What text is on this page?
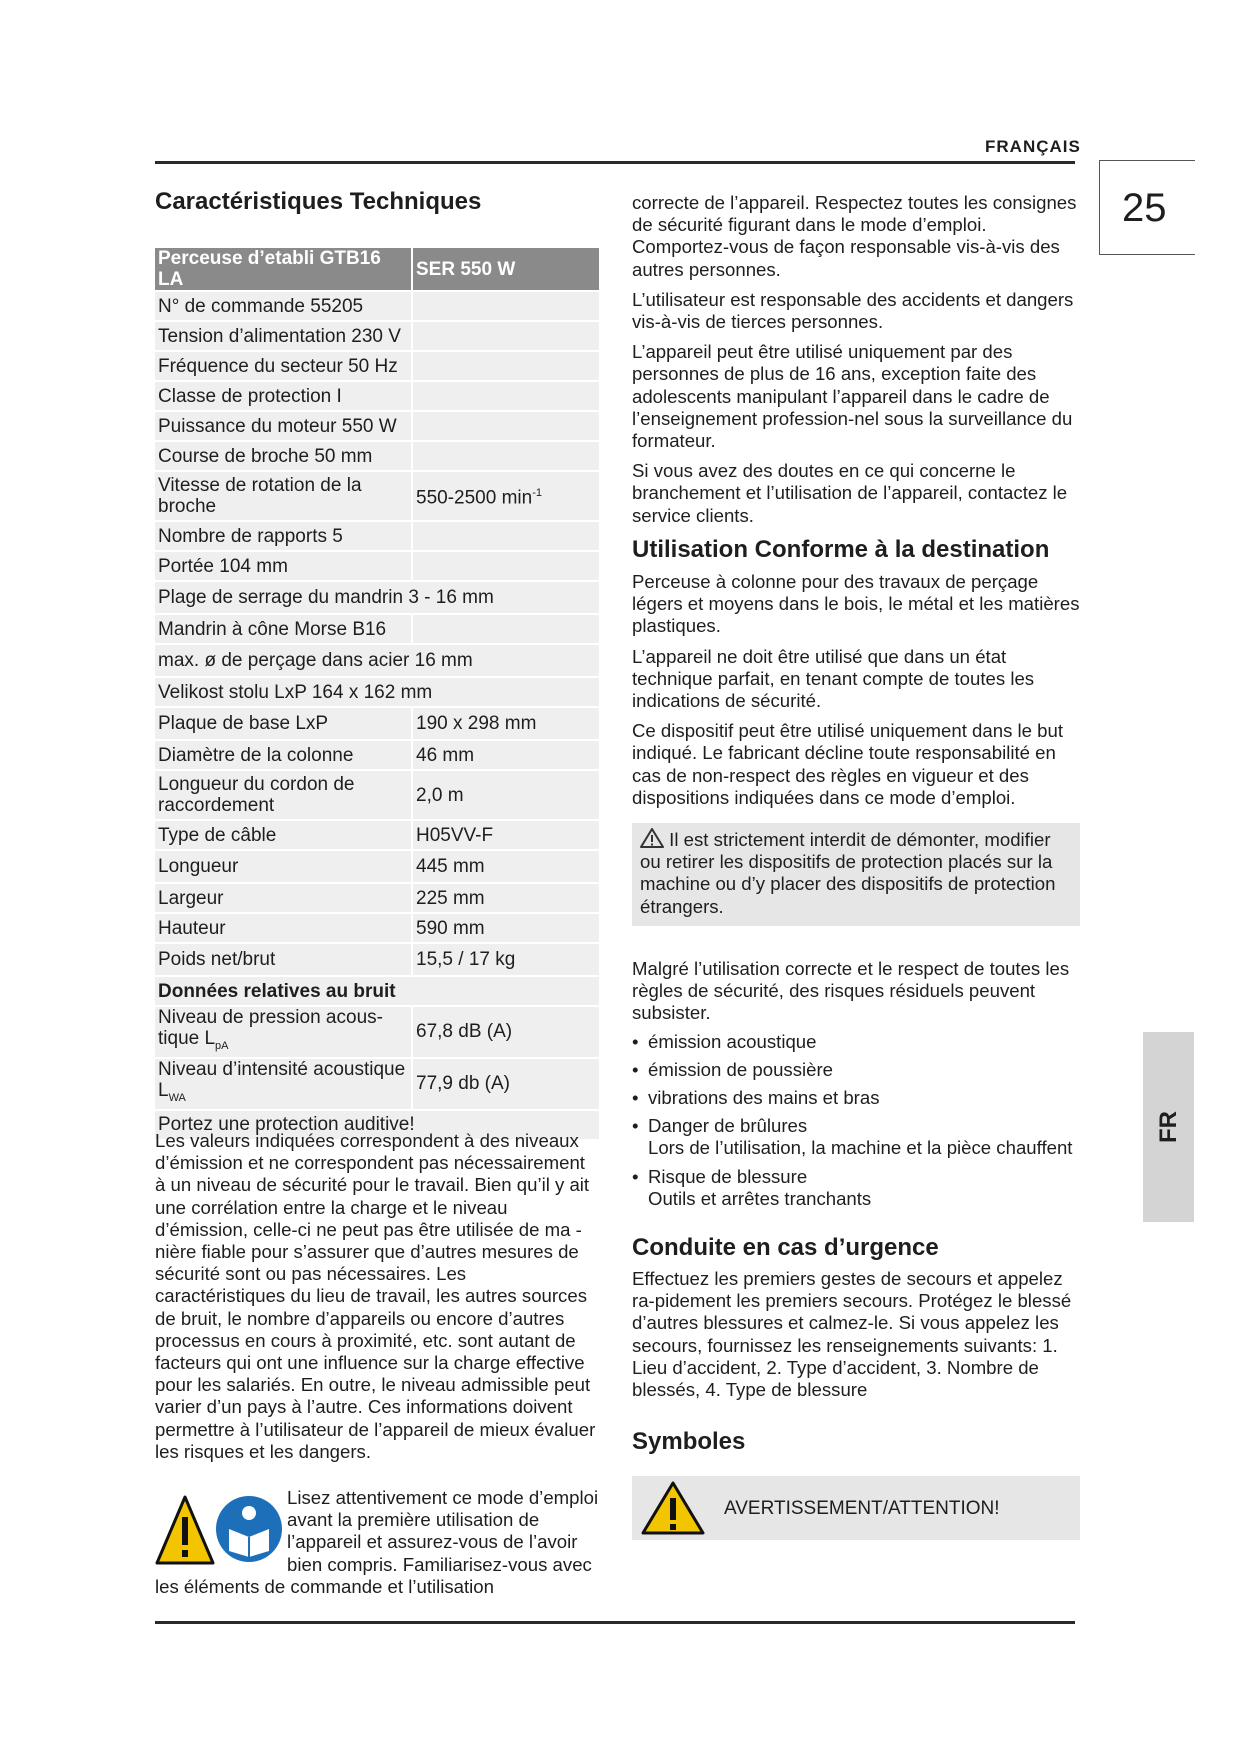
FRANÇAIS
25
FR
Caractéristiques Techniques
Perceuse d’etabli GTB16 LA	SER 550 W
N° de commande 55205	
Tension d’alimentation 230 V	
Fréquence du secteur 50 Hz	
Classe de protection I	
Puissance du moteur 550 W	
Course de broche 50 mm	
Vitesse de rotation de la broche	550-2500 $\min^{-1}$
Nombre de rapports 5	
Portée 104 mm	
Plage de serrage du mandrin 3 - 16 mm	
Mandrin à cône Morse B16	
max. ø de perçage dans acier 16 mm	
Velikost stolu LxP 164 x 162 mm	
Plaque de base LxP	190 x 298 mm
Diamètre de la colonne	46 mm
Longueur du cordon de raccordement	2,0 m
Type de câble	H05VV-F
Longueur	445 mm
Largeur	225 mm
Hauteur	590 mm
Poids net/brut	15,5 / 17 kg
Données relatives au bruit	
Niveau de pression acous-tique $L_{pA}$	67,8 dB (A)
Niveau d’intensité acoustique $L_{WA}$	77,9 db (A)
Portez une protection auditive!	

Les valeurs indiquées correspondent à des niveaux d’émission et ne correspondent pas nécessairement à un niveau de sécurité pour le travail. Bien qu’il y ait une corrélation entre la charge et le niveau d’émission, celle-ci ne peut pas être utilisée de ma - nière fiable pour s’assurer que d’autres mesures de sécurité sont ou pas nécessaires. Les caractéristiques du lieu de travail, les autres sources de bruit, le nombre d’appareils ou encore d’autres processus en cours à proximité, etc. sont autant de facteurs qui ont une influence sur la charge effective pour les salariés. En outre, le niveau admissible peut varier d’un pays à l’autre. Ces informations doivent permettre à l’utilisateur de l’appareil de mieux évaluer les risques et les dangers.

Lisez attentivement ce mode d’emploi avant la première utilisation de l’appareil et assurez-vous de l’avoir bien compris. Familiarisez-vous avec les éléments de commande et l’utilisation

correcte de l’appareil. Respectez toutes les consignes de sécurité figurant dans le mode d’emploi. Comportez-vous de façon responsable vis-à-vis des autres personnes.

L’utilisateur est responsable des accidents et dangers vis-à-vis de tierces personnes.

L’appareil peut être utilisé uniquement par des personnes de plus de 16 ans, exception faite des adolescents manipulant l’appareil dans le cadre de l’enseignement profession-nel sous la surveillance du formateur.

Si vous avez des doutes en ce qui concerne le branchement et l’utilisation de l’appareil, contactez le service clients.

Utilisation Conforme à la destination

Perceuse à colonne pour des travaux de perçage légers et moyens dans le bois, le métal et les matières plastiques.

L’appareil ne doit être utilisé que dans un état technique parfait, en tenant compte de toutes les indications de sécurité.

Ce dispositif peut être utilisé uniquement dans le but indiqué. Le fabricant décline toute responsabilité en cas de non-respect des règles en vigueur et des dispositions indiquées dans ce mode d’emploi.

Il est strictement interdit de démonter, modifier ou retirer les dispositifs de protection placés sur la machine ou d’y placer des dispositifs de protection étrangers.

Malgré l’utilisation correcte et le respect de toutes les règles de sécurité, des risques résiduels peuvent subsister.

• émission acoustique
• émission de poussière
• vibrations des mains et bras
• Danger de brûlures
Lors de l’utilisation, la machine et la pièce chauffent
• Risque de blessure
Outils et arrêtes tranchants
Conduite en cas d’urgence

Effectuez les premiers gestes de secours et appelez ra-pidement les premiers secours. Protégez le blessé d’autres blessures et calmez-le. Si vous appelez les secours, fournissez les renseignements suivants: 1. Lieu d’accident, 2. Type d’accident, 3. Nombre de blessés, 4. Type de blessure

Symboles
AVERTISSEMENT/ATTENTION!
